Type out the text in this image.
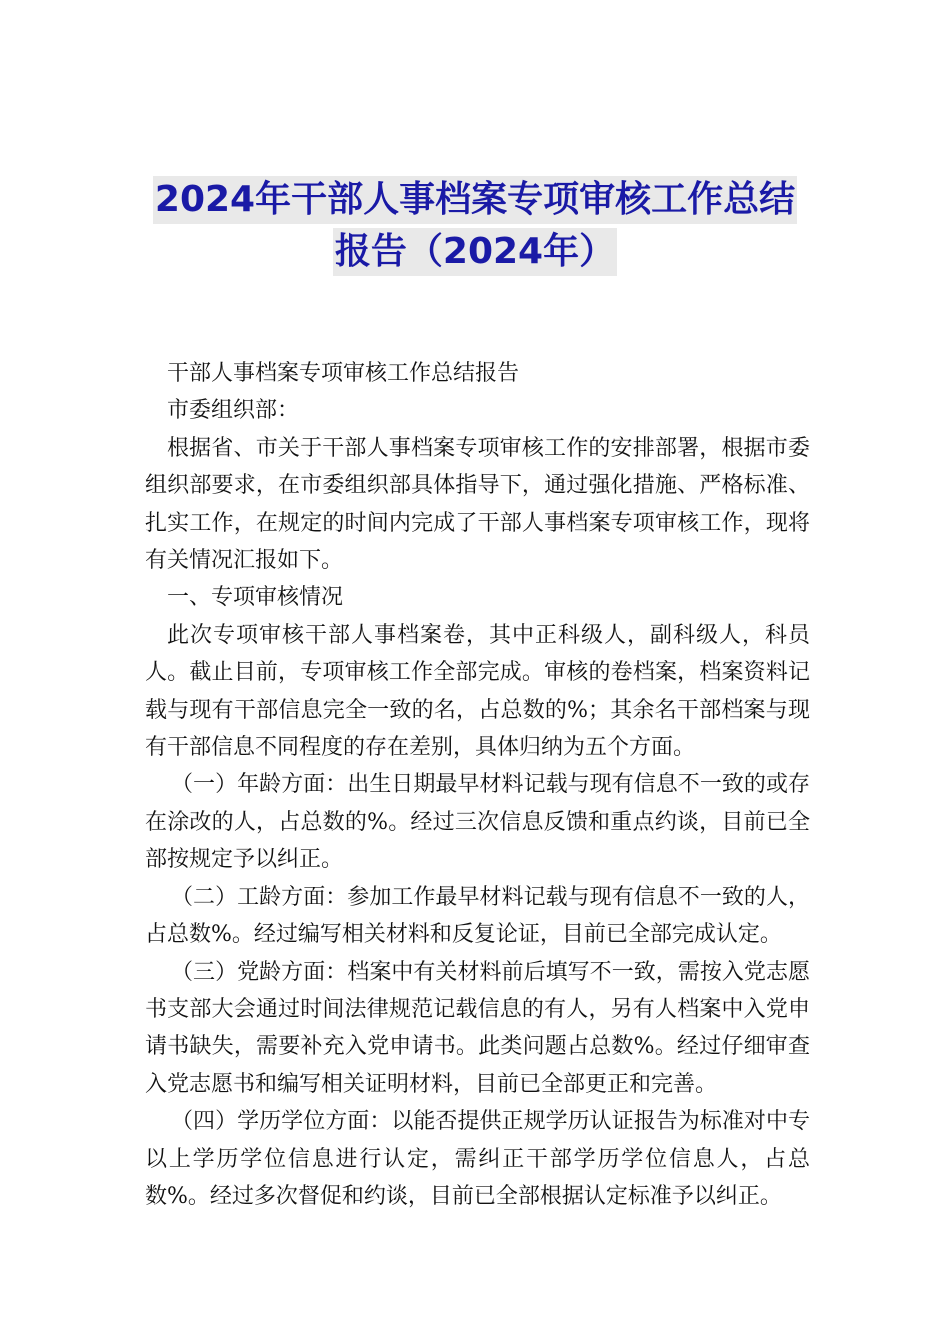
2024年干部人事档案专项审核工作总结
报告（2024年）

干部人事档案专项审核工作总结报告

市委组织部：

根据省、市关于干部人事档案专项审核工作的安排部署，根据市委组织部要求，在市委组织部具体指导下，通过强化措施、严格标准、扎实工作，在规定的时间内完成了干部人事档案专项审核工作，现将有关情况汇报如下。

一、专项审核情况

此次专项审核干部人事档案卷，其中正科级人，副科级人，科员人。截止目前，专项审核工作全部完成。审核的卷档案，档案资料记载与现有干部信息完全一致的名，占总数的%；其余名干部档案与现有干部信息不同程度的存在差别，具体归纳为五个方面。

（一）年龄方面：出生日期最早材料记载与现有信息不一致的或存在涂改的人，占总数的%。经过三次信息反馈和重点约谈，目前已全部按规定予以纠正。

（二）工龄方面：参加工作最早材料记载与现有信息不一致的人，占总数%。经过编写相关材料和反复论证，目前已全部完成认定。

（三）党龄方面：档案中有关材料前后填写不一致，需按入党志愿书支部大会通过时间法律规范记载信息的有人，另有人档案中入党申请书缺失，需要补充入党申请书。此类问题占总数%。经过仔细审查入党志愿书和编写相关证明材料，目前已全部更正和完善。

（四）学历学位方面：以能否提供正规学历认证报告为标准对中专以上学历学位信息进行认定，需纠正干部学历学位信息人，占总数%。经过多次督促和约谈，目前已全部根据认定标准予以纠正。
